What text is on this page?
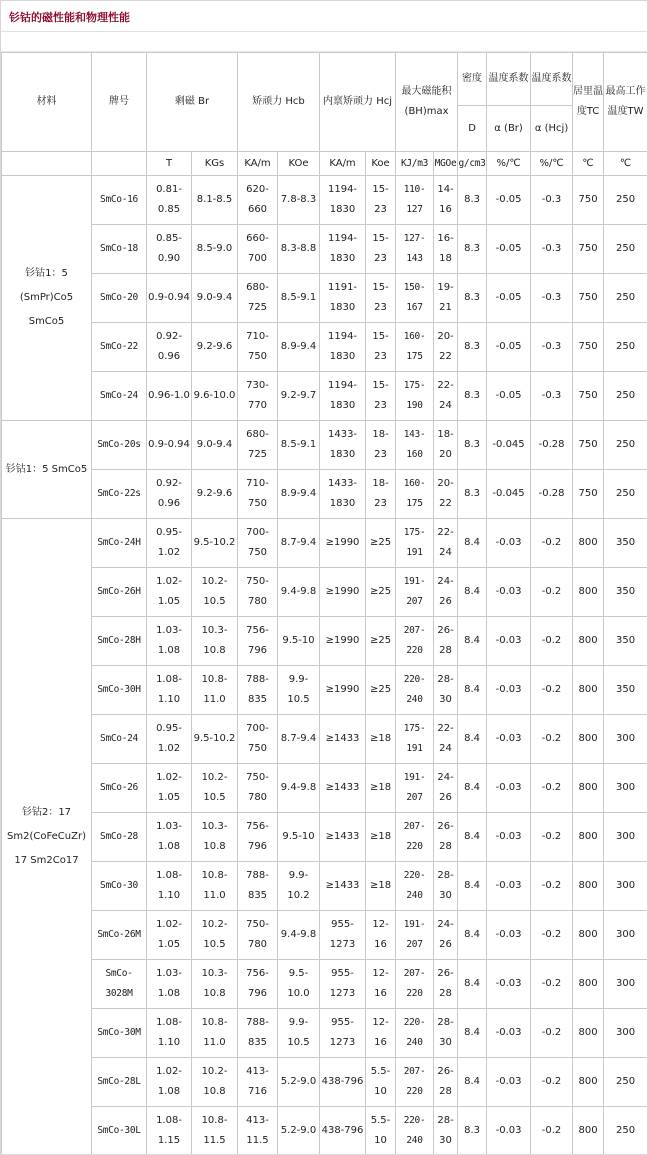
钐钴的磁性能和物理性能
材料	牌号	剩磁 Br		矫顽力 Hcb		内禀矫顽力 Hcj		最大磁能积(BH)max		密度	温度系数	温度系数	居里温度TC	最高工作温度TW
										D	α (Br)	α (Hcj)		
		T	KGs	KA/m	KOe	KA/m	Koe	KJ/m3	MGOe	g/cm3	%/℃	%/℃	℃	℃
钐钴1：5 (SmPr)Co5 SmCo5	SmCo-16	0.81-0.85	8.1-8.5	620-660	7.8-8.3	1194-1830	15-23	110-127	14-16	8.3	-0.05	-0.3	750	250
	SmCo-18	0.85-0.90	8.5-9.0	660-700	8.3-8.8	1194-1830	15-23	127-143	16-18	8.3	-0.05	-0.3	750	250
	SmCo-20	0.9-0.94	9.0-9.4	680-725	8.5-9.1	1191-1830	15-23	150-167	19-21	8.3	-0.05	-0.3	750	250
	SmCo-22	0.92-0.96	9.2-9.6	710-750	8.9-9.4	1194-1830	15-23	160-175	20-22	8.3	-0.05	-0.3	750	250
	SmCo-24	0.96-1.0	9.6-10.0	730-770	9.2-9.7	1194-1830	15-23	175-190	22-24	8.3	-0.05	-0.3	750	250
钐钴1：5 SmCo5	SmCo-20s	0.9-0.94	9.0-9.4	680-725	8.5-9.1	1433-1830	18-23	143-160	18-20	8.3	-0.045	-0.28	750	250
	SmCo-22s	0.92-0.96	9.2-9.6	710-750	8.9-9.4	1433-1830	18-23	160-175	20-22	8.3	-0.045	-0.28	750	250
钐钴2：17 Sm2(CoFeCuZr)17 Sm2Co17	SmCo-24H	0.95-1.02	9.5-10.2	700-750	8.7-9.4	≥1990	≥25	175-191	22-24	8.4	-0.03	-0.2	800	350
	SmCo-26H	1.02-1.05	10.2-10.5	750-780	9.4-9.8	≥1990	≥25	191-207	24-26	8.4	-0.03	-0.2	800	350
	SmCo-28H	1.03-1.08	10.3-10.8	756-796	9.5-10	≥1990	≥25	207-220	26-28	8.4	-0.03	-0.2	800	350
	SmCo-30H	1.08-1.10	10.8-11.0	788-835	9.9-10.5	≥1990	≥25	220-240	28-30	8.4	-0.03	-0.2	800	350
	SmCo-24	0.95-1.02	9.5-10.2	700-750	8.7-9.4	≥1433	≥18	175-191	22-24	8.4	-0.03	-0.2	800	300
	SmCo-26	1.02-1.05	10.2-10.5	750-780	9.4-9.8	≥1433	≥18	191-207	24-26	8.4	-0.03	-0.2	800	300
	SmCo-28	1.03-1.08	10.3-10.8	756-796	9.5-10	≥1433	≥18	207-220	26-28	8.4	-0.03	-0.2	800	300
	SmCo-30	1.08-1.10	10.8-11.0	788-835	9.9-10.2	≥1433	≥18	220-240	28-30	8.4	-0.03	-0.2	800	300
	SmCo-26M	1.02-1.05	10.2-10.5	750-780	9.4-9.8	955-1273	12-16	191-207	24-26	8.4	-0.03	-0.2	800	300
	SmCo-3028M	1.03-1.08	10.3-10.8	756-796	9.5-10.0	955-1273	12-16	207-220	26-28	8.4	-0.03	-0.2	800	300
	SmCo-30M	1.08-1.10	10.8-11.0	788-835	9.9-10.5	955-1273	12-16	220-240	28-30	8.4	-0.03	-0.2	800	300
	SmCo-28L	1.02-1.08	10.2-10.8	413-716	5.2-9.0	438-796	5.5-10	207-220	26-28	8.4	-0.03	-0.2	800	250
	SmCo-30L	1.08-1.15	10.8-11.5	413-11.5	5.2-9.0	438-796	5.5-10	220-240	28-30	8.3	-0.03	-0.2	800	250
